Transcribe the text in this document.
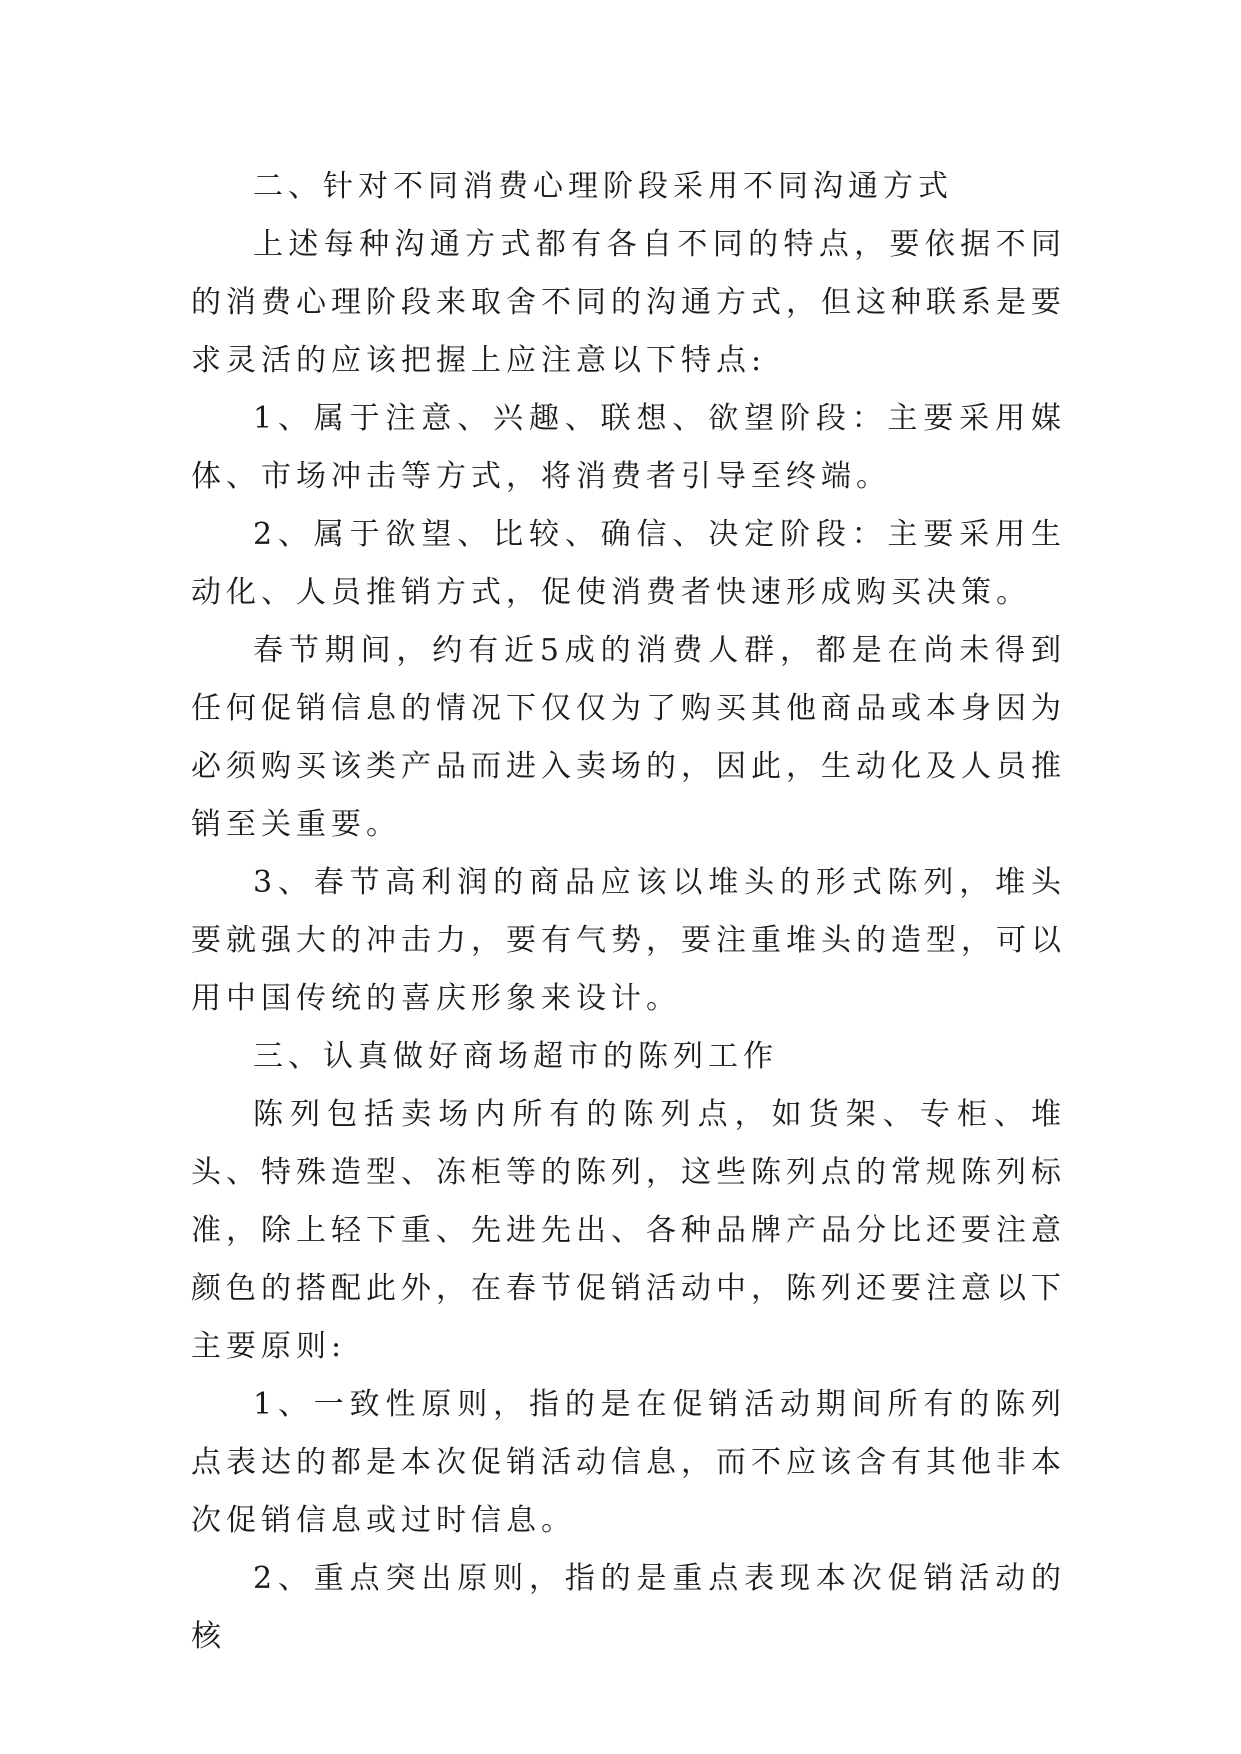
二、针对不同消费心理阶段采用不同沟通方式

上述每种沟通方式都有各自不同的特点，要依据不同的消费心理阶段来取舍不同的沟通方式，但这种联系是要求灵活的应该把握上应注意以下特点:

1、属于注意、兴趣、联想、欲望阶段：主要采用媒体、市场冲击等方式，将消费者引导至终端。

2、属于欲望、比较、确信、决定阶段：主要采用生动化、人员推销方式，促使消费者快速形成购买决策。

春节期间，约有近5成的消费人群，都是在尚未得到任何促销信息的情况下仅仅为了购买其他商品或本身因为必须购买该类产品而进入卖场的，因此，生动化及人员推销至关重要。

3、春节高利润的商品应该以堆头的形式陈列，堆头要就强大的冲击力，要有气势，要注重堆头的造型，可以用中国传统的喜庆形象来设计。

三、认真做好商场超市的陈列工作

陈列包括卖场内所有的陈列点，如货架、专柜、堆头、特殊造型、冻柜等的陈列，这些陈列点的常规陈列标准，除上轻下重、先进先出、各种品牌产品分比还要注意颜色的搭配此外，在春节促销活动中，陈列还要注意以下主要原则:

1、一致性原则，指的是在促销活动期间所有的陈列点表达的都是本次促销活动信息，而不应该含有其他非本次促销信息或过时信息。

2、重点突出原则，指的是重点表现本次促销活动的核
